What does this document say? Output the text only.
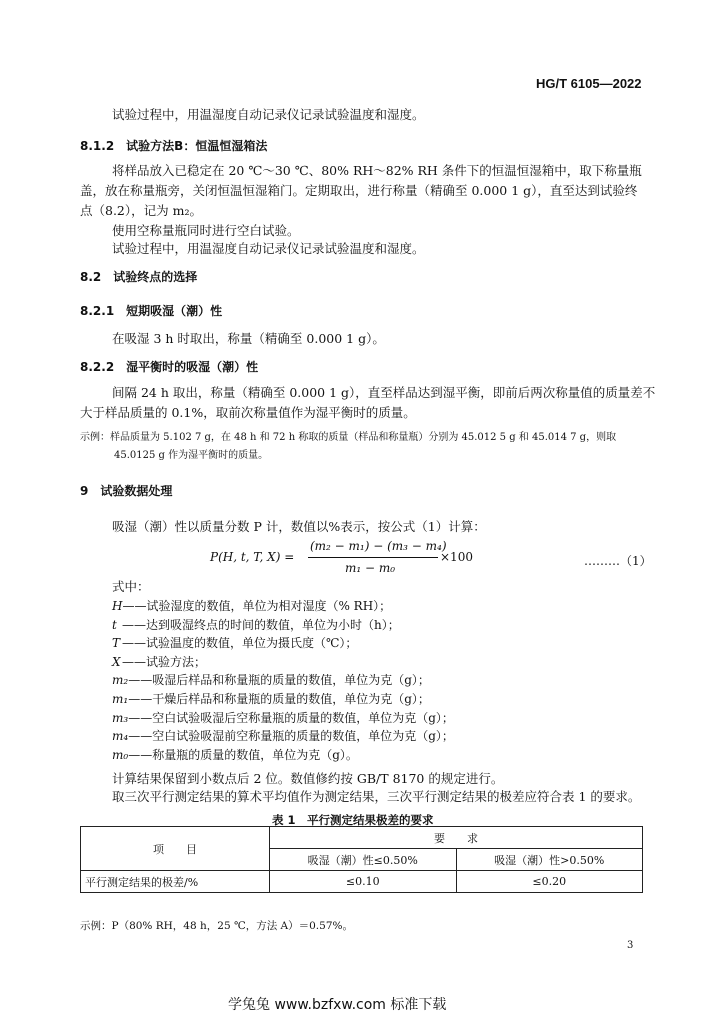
HG/T 6105—2022
试验过程中，用温湿度自动记录仪记录试验温度和湿度。
8.1.2　试验方法B：恒温恒湿箱法
将样品放入已稳定在 20 ℃～30 ℃、80% RH～82% RH 条件下的恒温恒湿箱中，取下称量瓶
盖，放在称量瓶旁，关闭恒温恒湿箱门。定期取出，进行称量（精确至 0.000 1 g），直至达到试验终
点（8.2），记为 m₂。
使用空称量瓶同时进行空白试验。
试验过程中，用温湿度自动记录仪记录试验温度和湿度。
8.2　试验终点的选择
8.2.1　短期吸湿（潮）性
在吸湿 3 h 时取出，称量（精确至 0.000 1 g）。
8.2.2　湿平衡时的吸湿（潮）性
间隔 24 h 取出，称量（精确至 0.000 1 g），直至样品达到湿平衡，即前后两次称量值的质量差不
大于样品质量的 0.1%，取前次称量值作为湿平衡时的质量。
示例：样品质量为 5.102 7 g，在 48 h 和 72 h 称取的质量（样品和称量瓶）分别为 45.012 5 g 和 45.014 7 g，则取
45.0125 g 作为湿平衡时的质量。
9　试验数据处理
吸湿（潮）性以质量分数 P 计，数值以%表示，按公式（1）计算：
P(H, t, T, X) =
(m₂ − m₁) − (m₃ − m₄)
m₁ − m₀
×100	………（1）
式中：
H——试验湿度的数值，单位为相对湿度（% RH）；
t ——达到吸湿终点的时间的数值，单位为小时（h）；
T ——试验温度的数值，单位为摄氏度（℃）；
X——试验方法；
m₂——吸湿后样品和称量瓶的质量的数值，单位为克（g）；
m₁——干燥后样品和称量瓶的质量的数值，单位为克（g）；
m₃——空白试验吸湿后空称量瓶的质量的数值，单位为克（g）；
m₄——空白试验吸湿前空称量瓶的质量的数值，单位为克（g）；
m₀——称量瓶的质量的数值，单位为克（g）。
计算结果保留到小数点后 2 位。数值修约按 GB/T 8170 的规定进行。
取三次平行测定结果的算术平均值作为测定结果，三次平行测定结果的极差应符合表 1 的要求。
表 1　平行测定结果极差的要求
项　　目	要　　求	
	吸湿（潮）性≤0.50%	吸湿（潮）性>0.50%
平行测定结果的极差/%	≤0.10	≤0.20
示例：P（80% RH，48 h，25 ℃，方法 A）＝0.57%。
3
学兔兔 www.bzfxw.com 标准下载
